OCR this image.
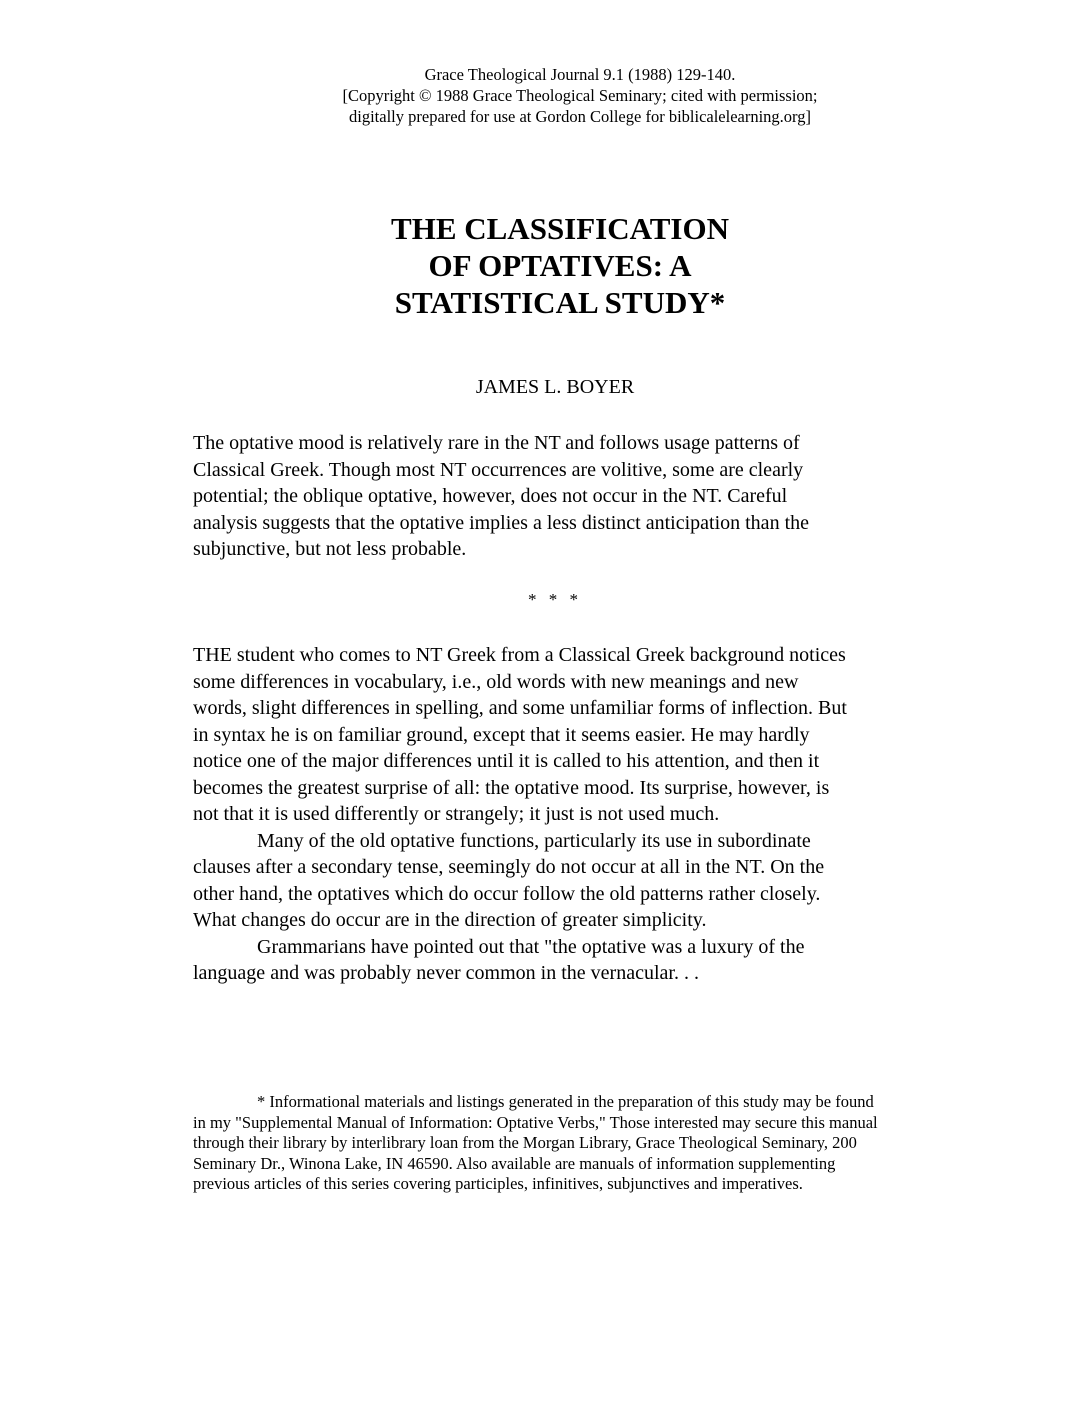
Grace Theological Journal 9.1 (1988) 129-140.
[Copyright © 1988 Grace Theological Seminary; cited with permission;
digitally prepared for use at Gordon College for biblicalelearning.org]
THE CLASSIFICATION
OF OPTATIVES: A
STATISTICAL STUDY*
JAMES L. BOYER
The optative mood is relatively rare in the NT and follows usage patterns of Classical Greek. Though most NT occurrences are volitive, some are clearly potential; the oblique optative, however, does not occur in the NT. Careful analysis suggests that the optative implies a less distinct anticipation than the subjunctive, but not less probable.
* * *

THE student who comes to NT Greek from a Classical Greek background notices some differences in vocabulary, i.e., old words with new meanings and new words, slight differences in spelling, and some unfamiliar forms of inflection. But in syntax he is on familiar ground, except that it seems easier. He may hardly notice one of the major differences until it is called to his attention, and then it becomes the greatest surprise of all: the optative mood. Its surprise, however, is not that it is used differently or strangely; it just is not used much.

Many of the old optative functions, particularly its use in subordinate clauses after a secondary tense, seemingly do not occur at all in the NT. On the other hand, the optatives which do occur follow the old patterns rather closely. What changes do occur are in the direction of greater simplicity.

Grammarians have pointed out that "the optative was a luxury of the language and was probably never common in the vernacular. . .

* Informational materials and listings generated in the preparation of this study may be found in my "Supplemental Manual of Information: Optative Verbs," Those interested may secure this manual through their library by interlibrary loan from the Morgan Library, Grace Theological Seminary, 200 Seminary Dr., Winona Lake, IN 46590. Also available are manuals of information supplementing previous articles of this series covering participles, infinitives, subjunctives and imperatives.
